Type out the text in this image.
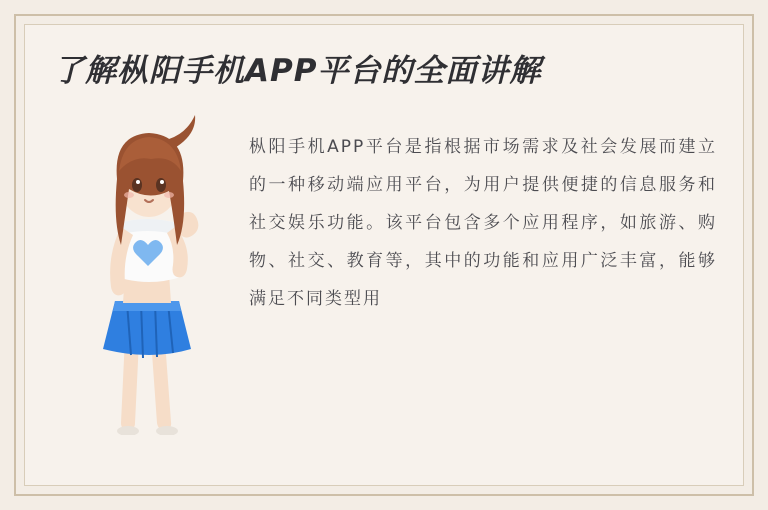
了解枞阳手机APP平台的全面讲解

枞阳手机APP平台是指根据市场需求及社会发展而建立的一种移动端应用平台，为用户提供便捷的信息服务和社交娱乐功能。该平台包含多个应用程序，如旅游、购物、社交、教育等，其中的功能和应用广泛丰富，能够满足不同类型用
